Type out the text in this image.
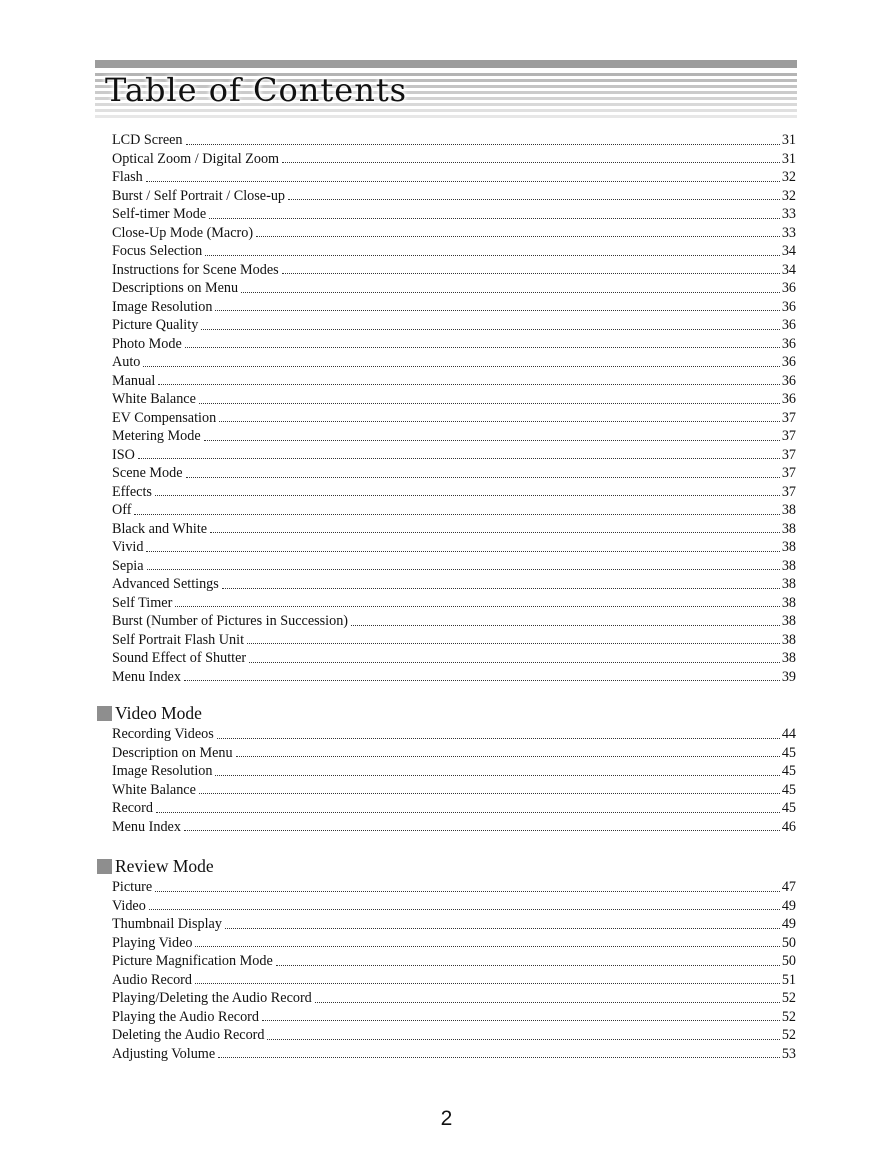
Table of Contents
LCD Screen	31
Optical Zoom / Digital Zoom	31
Flash	32
Burst / Self Portrait / Close-up	32
Self-timer Mode	33
Close-Up Mode (Macro)	33
Focus Selection	34
Instructions for Scene Modes	34
Descriptions on Menu	36
Image Resolution	36
Picture Quality	36
Photo Mode	36
Auto	36
Manual	36
White Balance	36
EV Compensation	37
Metering Mode	37
ISO	37
Scene Mode	37
Effects	37
Off	38
Black and White	38
Vivid	38
Sepia	38
Advanced Settings	38
Self Timer	38
Burst (Number of Pictures in Succession)	38
Self Portrait Flash Unit	38
Sound Effect of Shutter	38
Menu Index	39
Video Mode
Recording Videos	44
Description on Menu	45
Image Resolution	45
White Balance	45
Record	45
Menu Index	46
Review Mode
Picture	47
Video	49
Thumbnail Display	49
Playing Video	50
Picture Magnification Mode	50
Audio Record	51
Playing/Deleting the Audio Record	52
Playing the Audio Record	52
Deleting the Audio Record	52
Adjusting Volume	53
2
